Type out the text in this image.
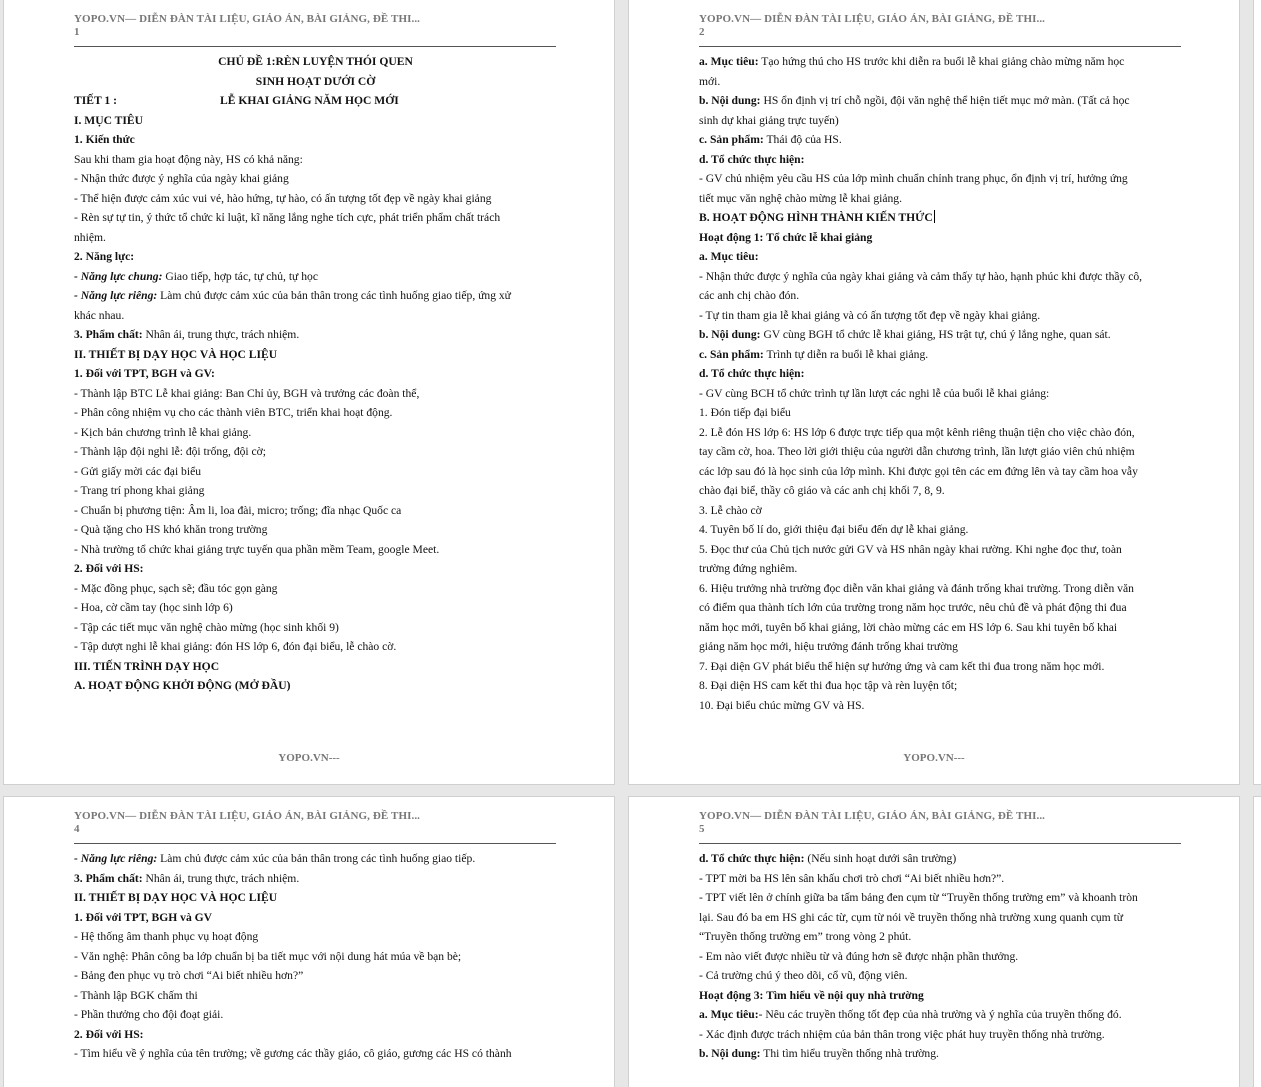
YOPO.VN— DIỄN ĐÀN TÀI LIỆU, GIÁO ÁN, BÀI GIẢNG, ĐỀ THI...
1

CHỦ ĐỀ 1:RÈN LUYỆN THÓI QUEN

SINH HOẠT DƯỚI CỜ

TIẾT 1 :	LỄ KHAI GIẢNG NĂM HỌC MỚI

I. MỤC TIÊU

1. Kiến thức

Sau khi tham gia hoạt động này, HS có khả năng:

- Nhận thức được ý nghĩa của ngày khai giảng

- Thể hiện được cảm xúc vui vẻ, hào hứng, tự hào, có ấn tượng tốt đẹp về ngày khai giảng

- Rèn sự tự tin, ý thức tổ chức kỉ luật, kĩ năng lắng nghe tích cực, phát triển phẩm chất trách

nhiệm.

2. Năng lực:

- Năng lực chung: Giao tiếp, hợp tác, tự chủ, tự học

- Năng lực riêng: Làm chủ được cảm xúc của bản thân trong các tình huống giao tiếp, ứng xử

khác nhau.

3. Phẩm chất: Nhân ái, trung thực, trách nhiệm.

II. THIẾT BỊ DẠY HỌC VÀ HỌC LIỆU

1. Đối với TPT, BGH và GV:

- Thành lập BTC Lễ khai giảng: Ban Chỉ ủy, BGH và trưởng các đoàn thể,

- Phân công nhiệm vụ cho các thành viên BTC, triển khai hoạt động.

- Kịch bản chương trình lễ khai giảng.

- Thành lập đội nghi lễ: đội trống, đội cờ;

- Gửi giấy mời các đại biểu

- Trang trí phong khai giảng

- Chuẩn bị phương tiện: Âm li, loa đài, micro; trống; đĩa nhạc Quốc ca

- Quà tặng cho HS khó khăn trong trường

- Nhà trường tổ chức khai giảng trực tuyến qua phần mềm Team, google Meet.

2. Đối với HS:

- Mặc đồng phục, sạch sẽ; đầu tóc gọn gàng

- Hoa, cờ cầm tay (học sinh lớp 6)

- Tập các tiết mục văn nghệ chào mừng (học sinh khối 9)

- Tập dượt nghi lễ khai giảng: đón HS lớp 6, đón đại biểu, lễ chào cờ.

III. TIẾN TRÌNH DẠY HỌC

A. HOẠT ĐỘNG KHỞI ĐỘNG (MỞ ĐẦU)

YOPO.VN---
YOPO.VN— DIỄN ĐÀN TÀI LIỆU, GIÁO ÁN, BÀI GIẢNG, ĐỀ THI...
2

a. Mục tiêu: Tạo hứng thú cho HS trước khi diễn ra buổi lễ khai giảng chào mừng năm học

mới.

b. Nội dung: HS ổn định vị trí chỗ ngồi, đội văn nghệ thể hiện tiết mục mở màn. (Tất cả học

sinh dự khai giảng trực tuyến)

c. Sản phẩm: Thái độ của HS.

d. Tổ chức thực hiện:

- GV chủ nhiệm yêu cầu HS của lớp mình chuẩn chỉnh trang phục, ổn định vị trí, hưởng ứng

tiết mục văn nghệ chào mừng lễ khai giảng.

B. HOẠT ĐỘNG HÌNH THÀNH KIẾN THỨC

Hoạt động 1: Tổ chức lễ khai giảng

a. Mục tiêu:

- Nhận thức được ý nghĩa của ngày khai giảng và cảm thấy tự hào, hạnh phúc khi được thầy cô,

các anh chị chào đón.

- Tự tin tham gia lễ khai giảng và có ấn tượng tốt đẹp về ngày khai giảng.

b. Nội dung: GV cùng BGH tổ chức lễ khai giảng, HS trật tự, chú ý lắng nghe, quan sát.

c. Sản phẩm: Trình tự diễn ra buổi lễ khai giảng.

d. Tổ chức thực hiện:

- GV cùng BCH tổ chức trình tự lần lượt các nghi lễ của buổi lễ khai giảng:

1. Đón tiếp đại biểu

2. Lễ đón HS lớp 6: HS lớp 6 được trực tiếp qua một kênh riêng thuận tiện cho việc chào đón,

tay cầm cờ, hoa. Theo lời giới thiệu của người dẫn chương trình, lần lượt giáo viên chủ nhiệm

các lớp sau đó là học sinh của lớp mình. Khi được gọi tên các em đứng lên và tay cầm hoa vẫy

chào đại biể, thầy cô giáo và các anh chị khối 7, 8, 9.

3. Lễ chào cờ

4. Tuyên bố lí do, giới thiệu đại biểu đến dự lễ khai giảng.

5. Đọc thư của Chủ tịch nước gửi GV và HS nhân ngày khai rường. Khi nghe đọc thư, toàn

trường đứng nghiêm.

6. Hiệu trưởng nhà trường đọc diễn văn khai giảng và đánh trống khai trường. Trong diễn văn

có điểm qua thành tích lớn của trường trong năm học trước, nêu chủ đề và phát động thi đua

năm học mới, tuyên bố khai giảng, lời chào mừng các em HS lớp 6. Sau khi tuyên bố khai

giảng năm học mới, hiệu trưởng đánh trống khai trường

7. Đại diện GV phát biểu thể hiện sự hưởng ứng và cam kết thi đua trong năm học mới.

8. Đại diện HS cam kết thi đua học tập và rèn luyện tốt;

10. Đại biểu chúc mừng GV và HS.

YOPO.VN---
YOPO.VN— DIỄN ĐÀN TÀI LIỆU, GIÁO ÁN, BÀI GIẢNG, ĐỀ THI...
4

- Năng lực riêng: Làm chủ được cảm xúc của bản thân trong các tình huống giao tiếp.

3. Phẩm chất: Nhân ái, trung thực, trách nhiệm.

II. THIẾT BỊ DẠY HỌC VÀ HỌC LIỆU

1. Đối với TPT, BGH và GV

- Hệ thống âm thanh phục vụ hoạt động

- Văn nghệ: Phân công ba lớp chuẩn bị ba tiết mục với nội dung hát múa về bạn bè;

- Bảng đen phục vụ trò chơi “Ai biết nhiều hơn?”

- Thành lập BGK chấm thi

- Phần thưởng cho đội đoạt giải.

2. Đối với HS:

- Tìm hiểu về ý nghĩa của tên trường; về gương các thầy giáo, cô giáo, gương các HS có thành

YOPO.VN— DIỄN ĐÀN TÀI LIỆU, GIÁO ÁN, BÀI GIẢNG, ĐỀ THI...
5

d. Tổ chức thực hiện: (Nếu sinh hoạt dưới sân trường)

- TPT mời ba HS lên sân khấu chơi trò chơi “Ai biết nhiều hơn?”.

- TPT viết lên ở chính giữa ba tấm bảng đen cụm từ “Truyền thống trường em” và khoanh tròn

lại. Sau đó ba em HS ghi các từ, cụm từ nói về truyền thống nhà trường xung quanh cụm từ

“Truyền thống trường em” trong vòng 2 phút.

- Em nào viết được nhiều từ và đúng hơn sẽ được nhận phần thưởng.

- Cả trường chú ý theo dõi, cổ vũ, động viên.

Hoạt động 3: Tìm hiểu về nội quy nhà trường

a. Mục tiêu:- Nêu các truyền thống tốt đẹp của nhà trường và ý nghĩa của truyền thống đó.

- Xác định được trách nhiệm của bản thân trong việc phát huy truyền thống nhà trường.

b. Nội dung: Thi tìm hiểu truyền thống nhà trường.
